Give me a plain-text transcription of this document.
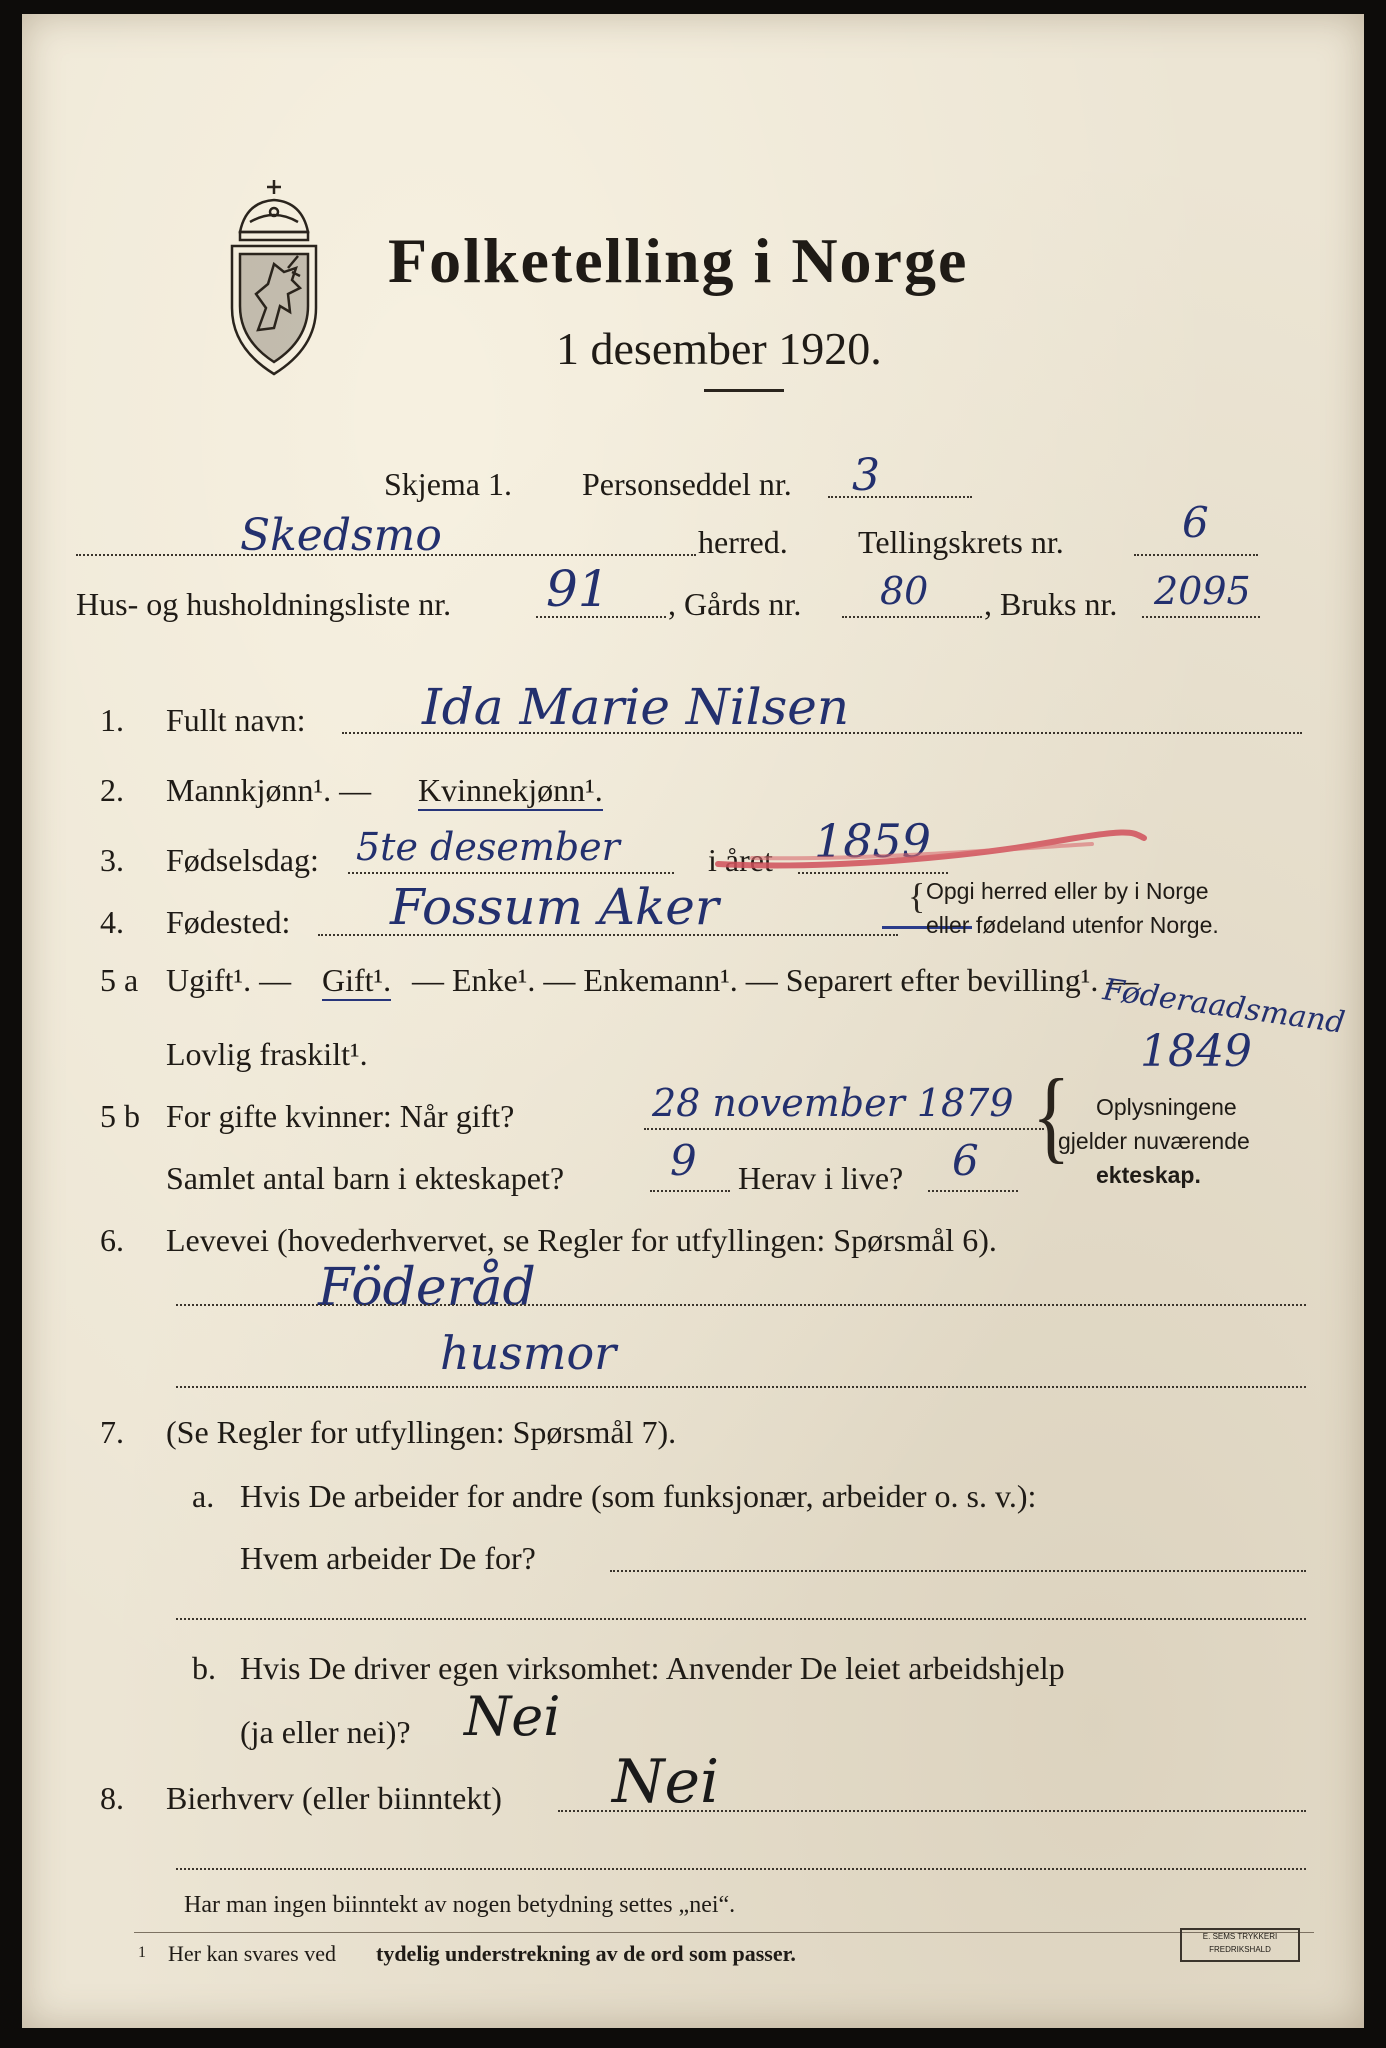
Folketelling i Norge
1 desember 1920.
Skjema 1. Personseddel nr. 3
Skedsmo	herred. Tellingskrets nr.	6
Hus- og husholdningsliste nr. 91 , Gårds nr. 80 , Bruks nr. 2095
1. Fullt navn: Ida Marie Nilsen
2. Mannkjønn¹. — Kvinnekjønn¹.
3. Fødselsdag: 5te desember	i året 1859
4. Fødested: Fossum Aker	{ Opgi herred eller by i Norge
eller fødeland utenfor Norge.
5 a Ugift¹. — Gift¹. — Enke¹. — Enkemann¹. — Separert efter bevilling¹. —
Lovlig fraskilt¹.
Føderaadsmand
1849
5 b For gifte kvinner: Når gift?	28 november 1879
Samlet antal barn i ekteskapet?	9 Herav i live? 6 { Oplysningene
gjelder nuværende
ekteskap.
6. Levevei (hovederhvervet, se Regler for utfyllingen: Spørsmål 6).
Föderåd
husmor
7. (Se Regler for utfyllingen: Spørsmål 7).
a. Hvis De arbeider for andre (som funksjonær, arbeider o. s. v.):
Hvem arbeider De for?
b. Hvis De driver egen virksomhet: Anvender De leiet arbeidshjelp
(ja eller nei)? Nei
8. Bierhverv (eller biinntekt) Nei
Har man ingen biinntekt av nogen betydning settes „nei“.
1 Her kan svares ved tydelig understrekning av de ord som passer.
E. SEMS TRYKKERI
FREDRIKSHALD
